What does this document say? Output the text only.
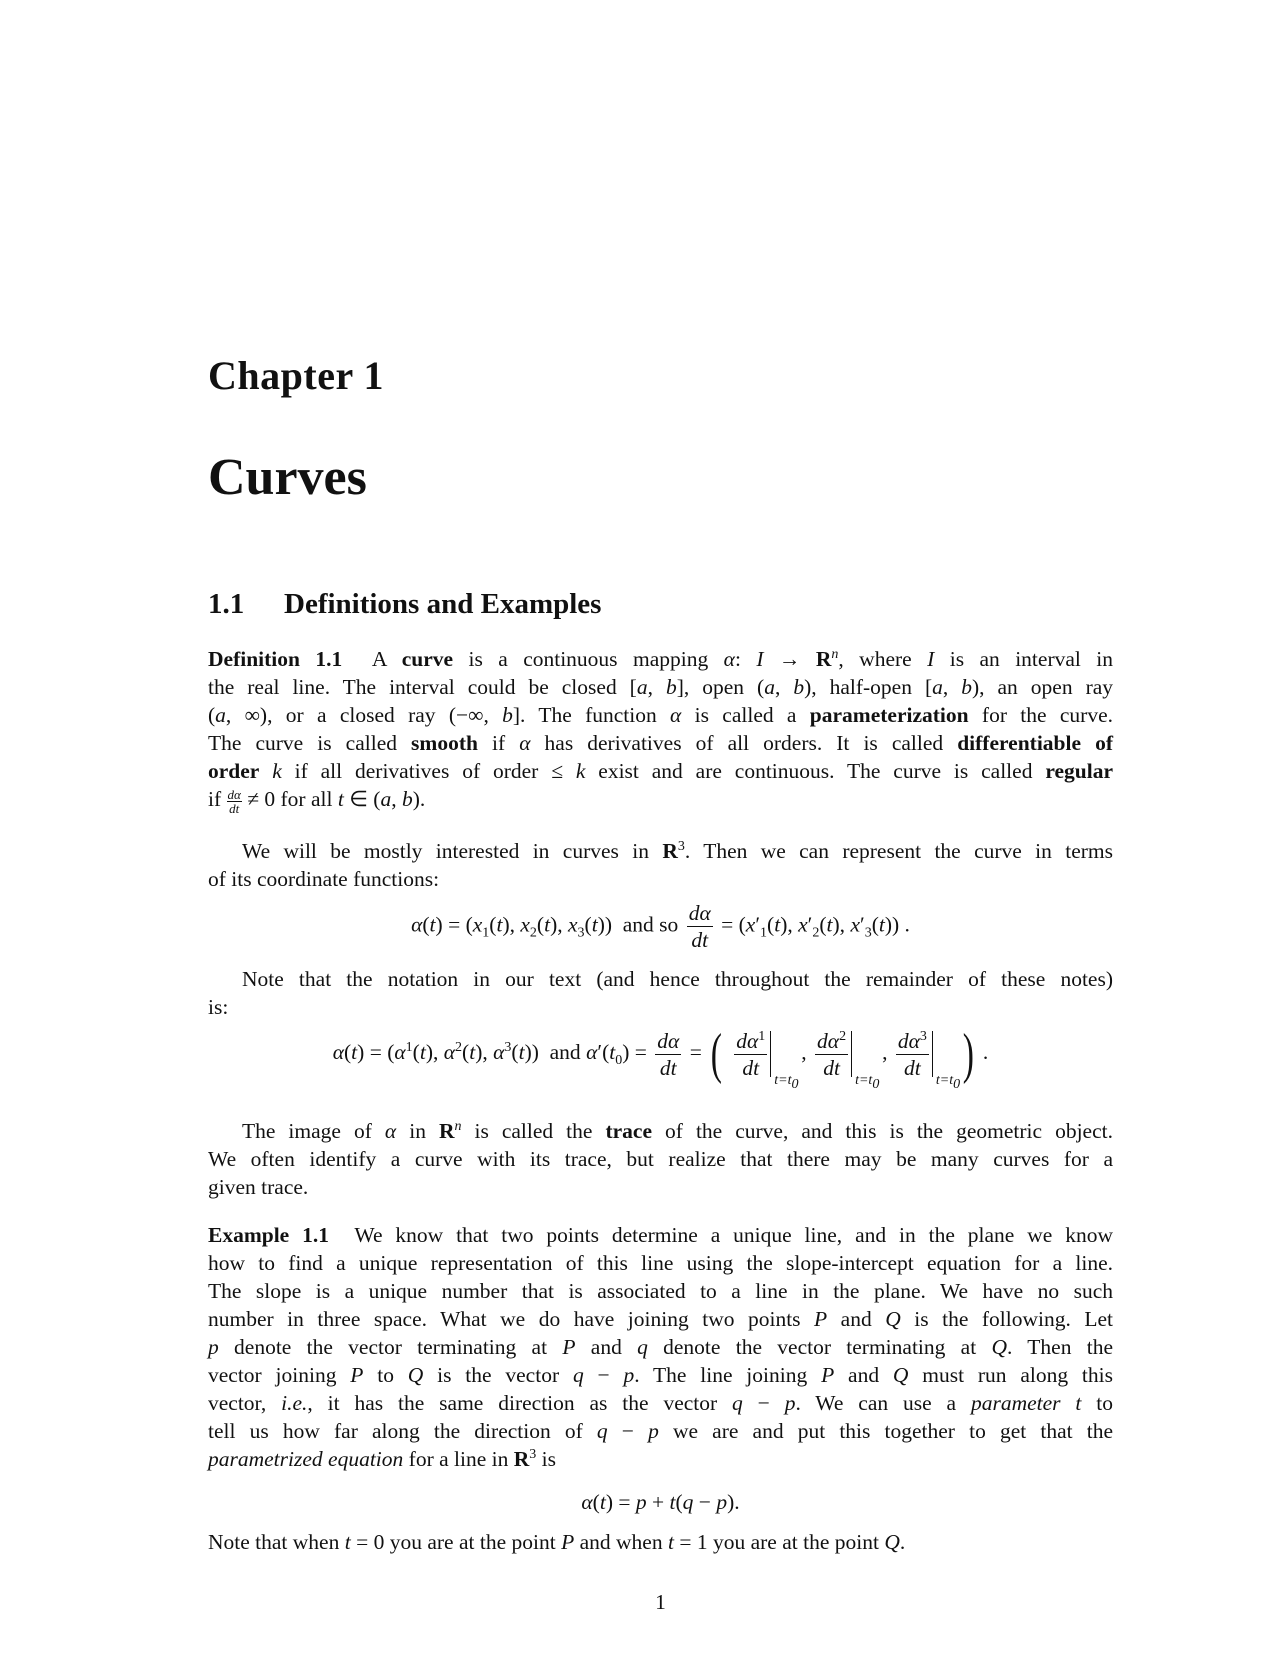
Chapter 1
Curves
1.1 Definitions and Examples
Definition 1.1  A curve is a continuous mapping α: $I \to R^n$, where I is an interval in
the real line. The interval could be closed [a, b], open (a, b), half-open [a, b), an open ray
(a, ∞), or a closed ray (−∞, b]. The function α is called a parameterization for the curve.
The curve is called smooth if α has derivatives of all orders. It is called differentiable of
order k if all derivatives of order ≤ k exist and are continuous. The curve is called regular
if $\frac{d\alpha}{dt} \ne 0$ for all t ∈ (a, b).
We will be mostly interested in curves in $R^3$. Then we can represent the curve in terms
of its coordinate functions:
$\alpha(t) = (x_1(t)$, $x_2(t)$, $x_3(t)$)  and so $\frac{d\alpha}{dt} = (x'_1(t)$, $x'_2(t)$, $x'_3(t)$) .
Note that the notation in our text (and hence throughout the remainder of these notes)
is:
$\alpha(t) = (\alpha^1(t)$, $\alpha^2(t)$, $\alpha^3(t)$)  and $\alpha'(t_0) = \frac{d\alpha}{dt}$ = ( $\frac{d\alpha^1}{dt} t=t_0$
, $\frac{d\alpha^2}{dt} t=t_0$
, $\frac{d\alpha^3}{dt} t=t_0$ ) .
The image of α in $R^n$ is called the trace of the curve, and this is the geometric object.
We often identify a curve with its trace, but realize that there may be many curves for a
given trace.
Example 1.1  We know that two points determine a unique line, and in the plane we know
how to find a unique representation of this line using the slope-intercept equation for a line.
The slope is a unique number that is associated to a line in the plane. We have no such
number in three space. What we do have joining two points P and Q is the following. Let
p denote the vector terminating at P and q denote the vector terminating at Q. Then the
vector joining P to Q is the vector q − p. The line joining P and Q must run along this
vector, i.e., it has the same direction as the vector q − p. We can use a parameter t to
tell us how far along the direction of q − p we are and put this together to get that the
parametrized equation for a line in $R^3$ is
α(t) = p + t(q − p).
Note that when t = 0 you are at the point P and when t = 1 you are at the point Q.
1
